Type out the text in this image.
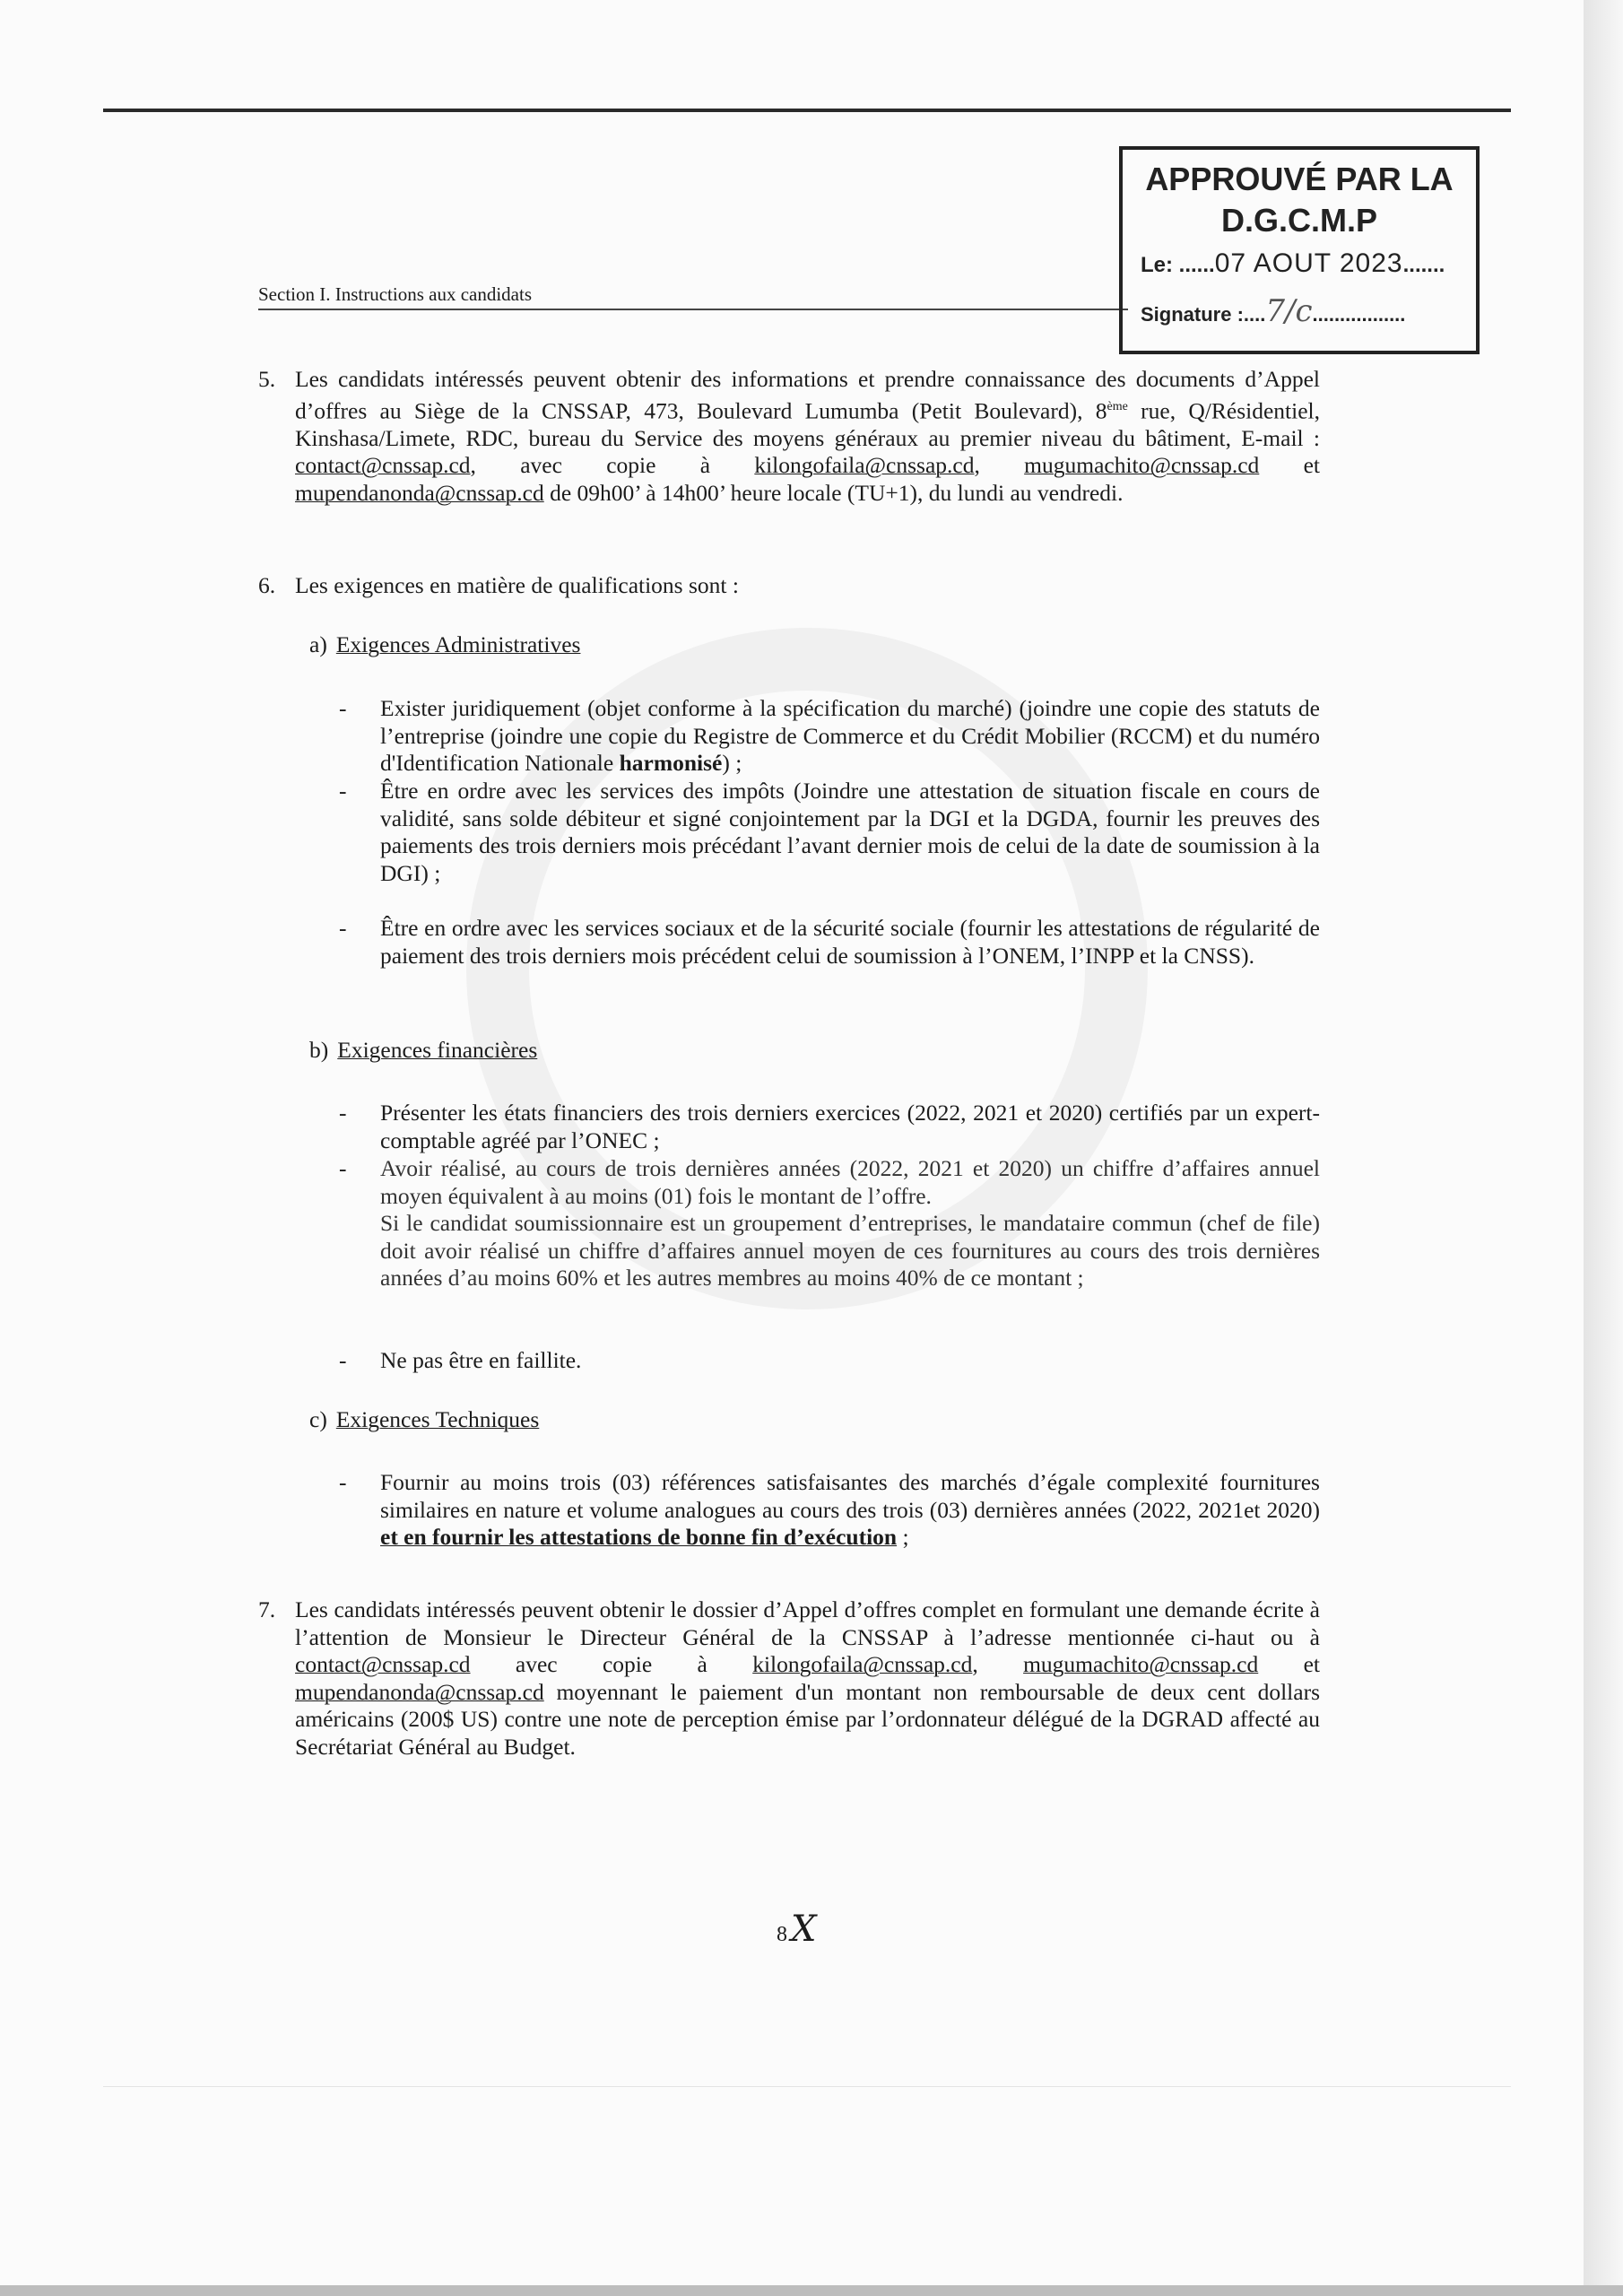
Section I. Instructions aux candidats
APPROUVÉ PAR LA
D.G.C.M.P
Le: ......07 AOUT 2023.......
Signature :....7/c.................
5. Les candidats intéressés peuvent obtenir des informations et prendre connaissance des documents d’Appel d’offres au Siège de la CNSSAP, 473, Boulevard Lumumba (Petit Boulevard), 8ème rue, Q/Résidentiel, Kinshasa/Limete, RDC, bureau du Service des moyens généraux au premier niveau du bâtiment, E-mail : contact@cnssap.cd, avec copie à kilongofaila@cnssap.cd, mugumachito@cnssap.cd et mupendanonda@cnssap.cd de 09h00’ à 14h00’ heure locale (TU+1), du lundi au vendredi.
6. Les exigences en matière de qualifications sont :
a) Exigences Administratives
- Exister juridiquement (objet conforme à la spécification du marché) (joindre une copie des statuts de l’entreprise (joindre une copie du Registre de Commerce et du Crédit Mobilier (RCCM) et du numéro d'Identification Nationale harmonisé) ;
- Être en ordre avec les services des impôts (Joindre une attestation de situation fiscale en cours de validité, sans solde débiteur et signé conjointement par la DGI et la DGDA, fournir les preuves des paiements des trois derniers mois précédant l’avant dernier mois de celui de la date de soumission à la DGI) ;
- Être en ordre avec les services sociaux et de la sécurité sociale (fournir les attestations de régularité de paiement des trois derniers mois précédent celui de soumission à l’ONEM, l’INPP et la CNSS).
b) Exigences financières
- Présenter les états financiers des trois derniers exercices (2022, 2021 et 2020) certifiés par un expert-comptable agréé par l’ONEC ;
- Avoir réalisé, au cours de trois dernières années (2022, 2021 et 2020) un chiffre d’affaires annuel moyen équivalent à au moins (01) fois le montant de l’offre.
Si le candidat soumissionnaire est un groupement d’entreprises, le mandataire commun (chef de file) doit avoir réalisé un chiffre d’affaires annuel moyen de ces fournitures au cours des trois dernières années d’au moins 60% et les autres membres au moins 40% de ce montant ;
- Ne pas être en faillite.
c) Exigences Techniques
- Fournir au moins trois (03) références satisfaisantes des marchés d’égale complexité fournitures similaires en nature et volume analogues au cours des trois (03) dernières années (2022, 2021et 2020) et en fournir les attestations de bonne fin d’exécution ;
7. Les candidats intéressés peuvent obtenir le dossier d’Appel d’offres complet en formulant une demande écrite à l’attention de Monsieur le Directeur Général de la CNSSAP à l’adresse mentionnée ci-haut ou à contact@cnssap.cd avec copie à kilongofaila@cnssap.cd, mugumachito@cnssap.cd et mupendanonda@cnssap.cd moyennant le paiement d'un montant non remboursable de deux cent dollars américains (200$ US) contre une note de perception émise par l’ordonnateur délégué de la DGRAD affecté au Secrétariat Général au Budget.
8 X
